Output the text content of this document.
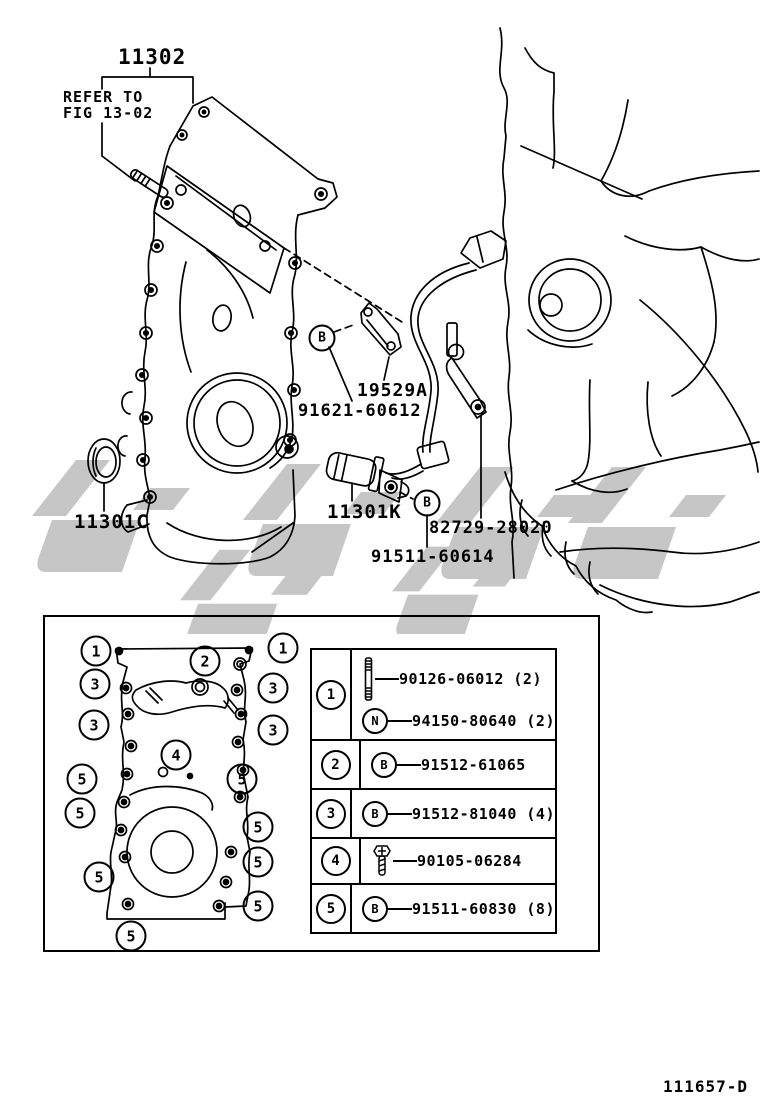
11302
REFER TO
FIG 13-02
19529A
91621-60612
11301C	11301K
82729-28020
91511-60614
B
B
1	1
2
3	3
3	3
4
5	5
5
5
5
5
5
5
1
90126-06012 (2)
N	94150-80640 (2)
2	B	91512-61065
3	B	91512-81040 (4)
4	90105-06284
5	B	91511-60830 (8)
111657-D
